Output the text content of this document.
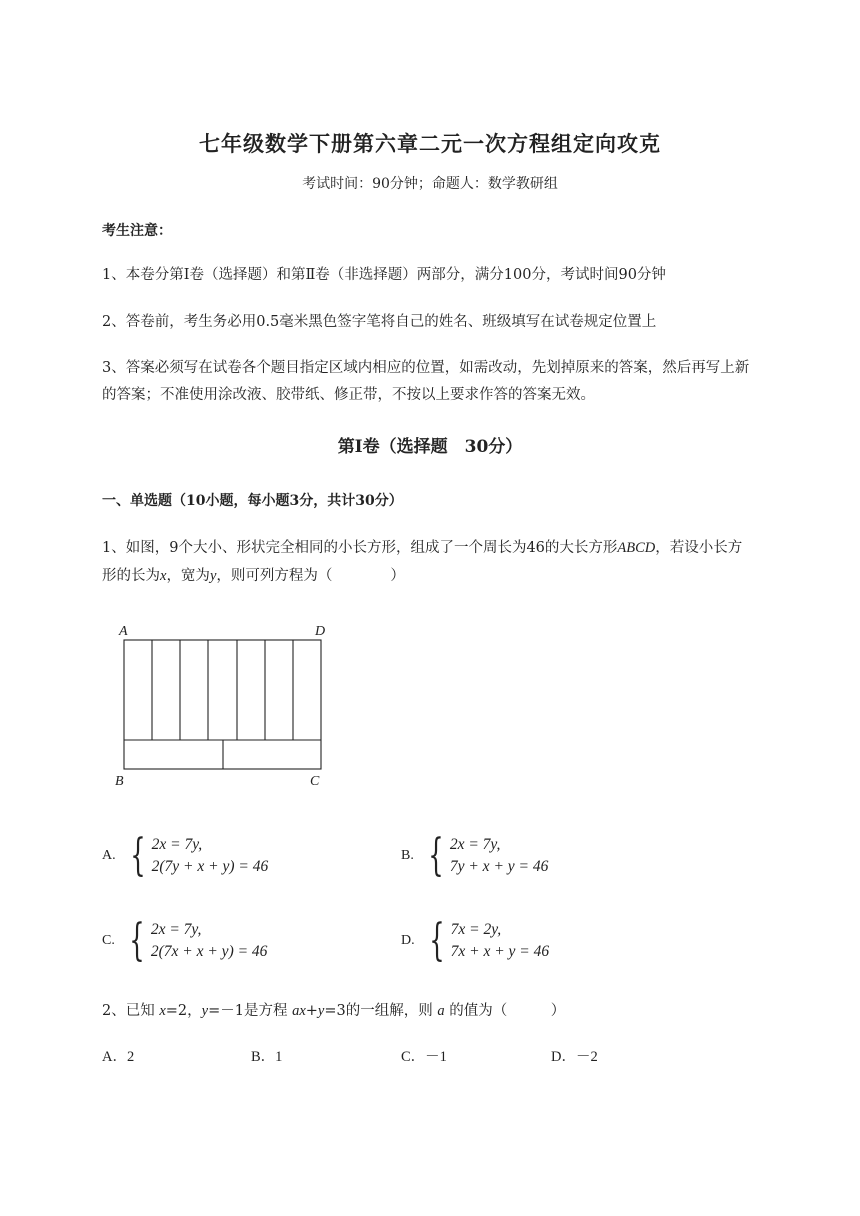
七年级数学下册第六章二元一次方程组定向攻克
考试时间：90分钟；命题人：数学教研组
考生注意：
1、本卷分第Ⅰ卷（选择题）和第Ⅱ卷（非选择题）两部分，满分100分，考试时间90分钟
2、答卷前，考生务必用0.5毫米黑色签字笔将自己的姓名、班级填写在试卷规定位置上
3、答案必须写在试卷各个题目指定区域内相应的位置，如需改动，先划掉原来的答案，然后再写上新
的答案；不准使用涂改液、胶带纸、修正带，不按以上要求作答的答案无效。
第I卷（选择题　30分）
一、单选题（10小题，每小题3分，共计30分）
1、如图，9个大小、形状完全相同的小长方形，组成了一个周长为46的大长方形ABCD，若设小长方
形的长为x，宽为y，则可列方程为（　　　　）
A	D
B	C
A. { 2x = 7y,
2(7y + x + y) = 46
B. { 2x = 7y,
7y + x + y = 46
C. { 2x = 7y,
2(7x + x + y) = 46
D. { 7x = 2y,
7x + x + y = 46
2、已知 x=2，y=－1是方程 ax+y=3的一组解，则 a 的值为（　　　）
A．2	B．1	C．－1	D．－2
